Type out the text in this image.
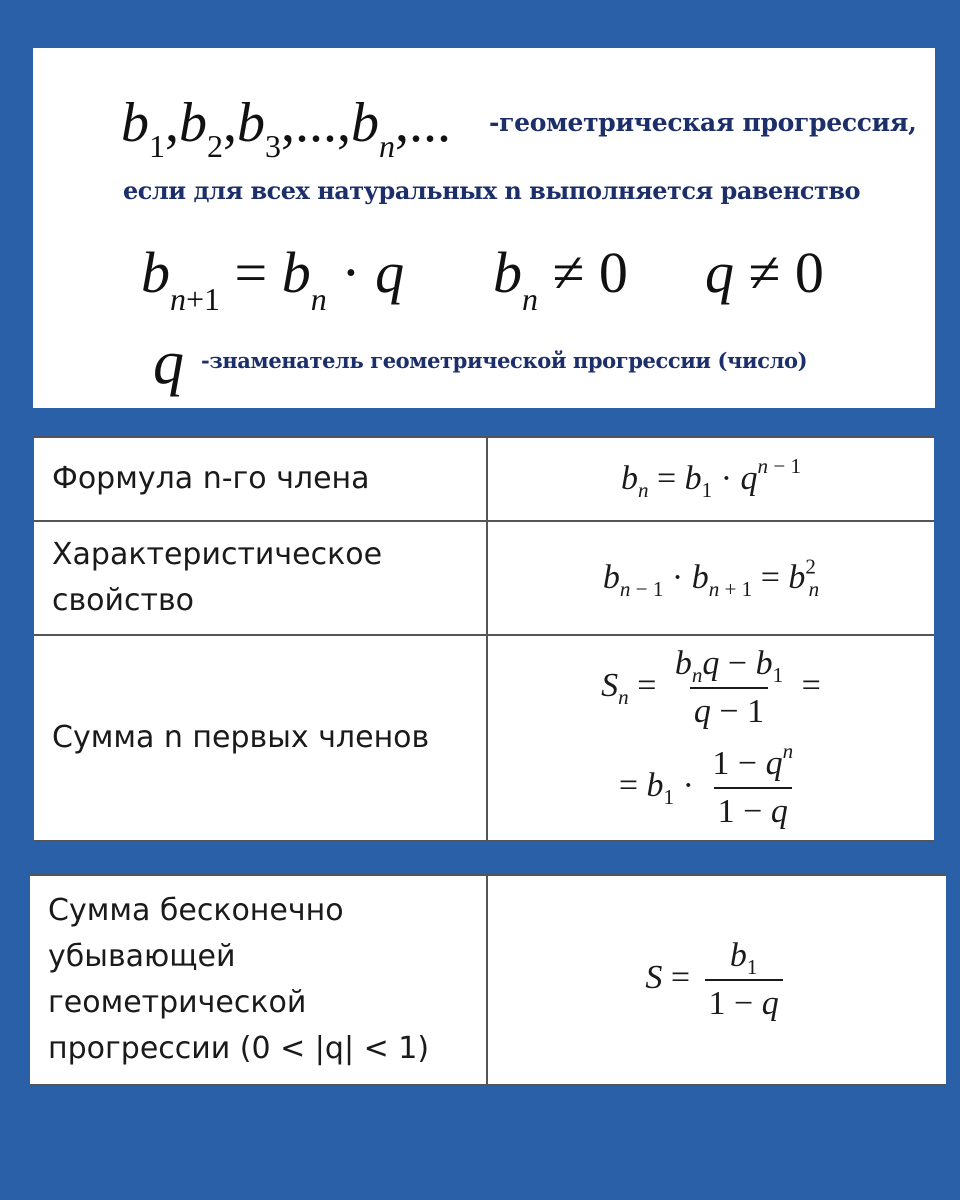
$b_1,b_2,b_3,...,b_n$,... -геометрическая прогрессия,
если для всех натуральных n выполняется равенство
$b_{n+1} = b_n \cdot q$ $b_n \ne 0$ q ≠ 0
q -знаменатель геометрической прогрессии (число)
Формула n-го члена	$b_n = b_1 \cdot q^{n - 1}$
Характеристическое свойство
$b_{n - 1} \cdot b_{n + 1} = b^2_n$
Сумма n первых членов
$S_n = \frac{b_nq - b_1}{q - 1}$ =
= $b_1 \cdot \frac{1 - q^n}{1 - q}$
Сумма бесконечно убывающей геометрической прогрессии (0 < |q| < 1)
$S = \frac{b_1}{1 - q}$
